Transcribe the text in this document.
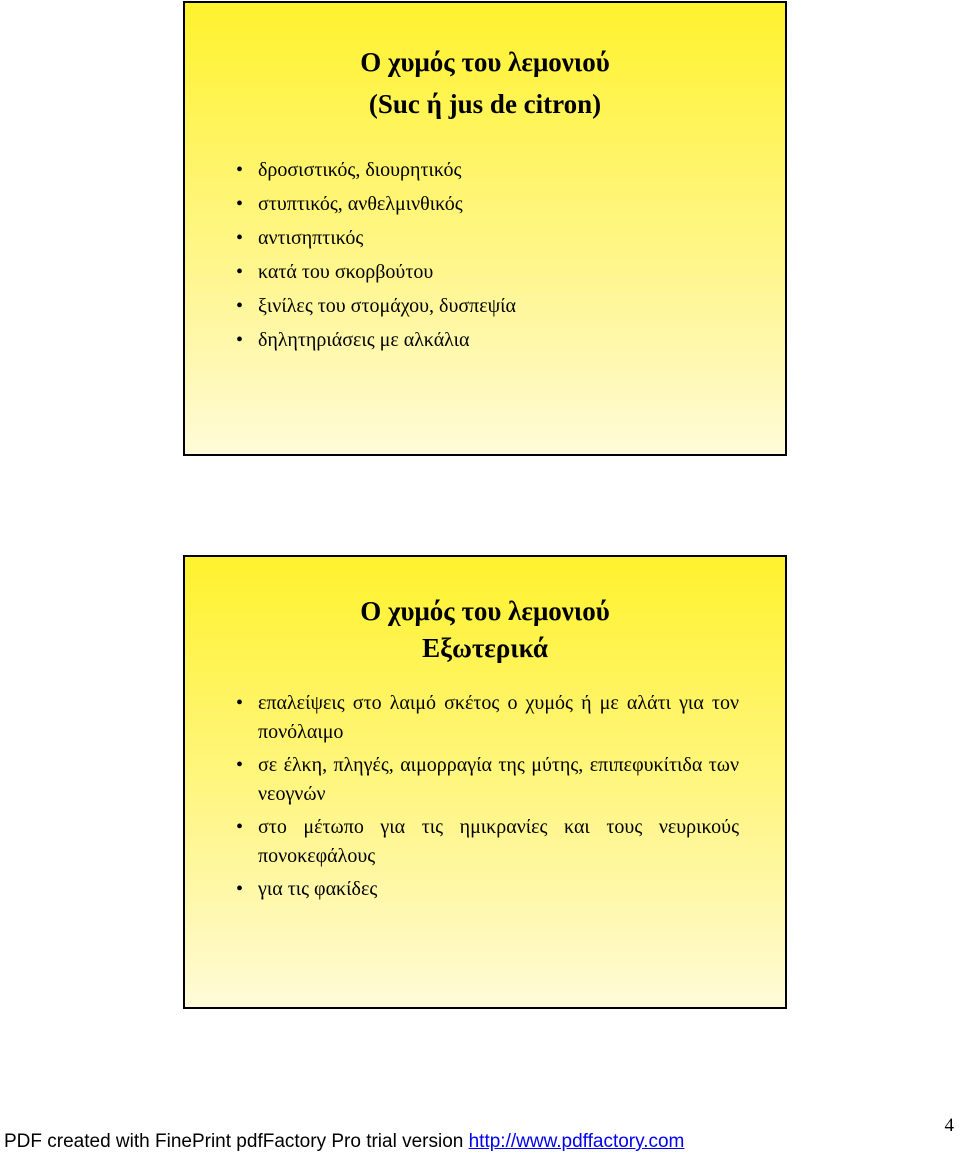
Ο χυμός του λεμονιού
(Suc ή jus de citron)
• δροσιστικός, διουρητικός
• στυπτικός, ανθελμινθικός
• αντισηπτικός
• κατά του σκορβούτου
• ξινίλες του στομάχου, δυσπεψία
• δηλητηριάσεις με αλκάλια
Ο χυμός του λεμονιού
Εξωτερικά
• επαλείψεις στο λαιμό σκέτος ο χυμός ή με αλάτι για τον πονόλαιμο
• σε έλκη, πληγές, αιμορραγία της μύτης, επιπεφυκίτιδα των νεογνών
• στο μέτωπο για τις ημικρανίες και τους νευρικούς πονοκεφάλους
• για τις φακίδες
PDF created with FinePrint pdfFactory Pro trial version http://www.pdffactory.com
4
